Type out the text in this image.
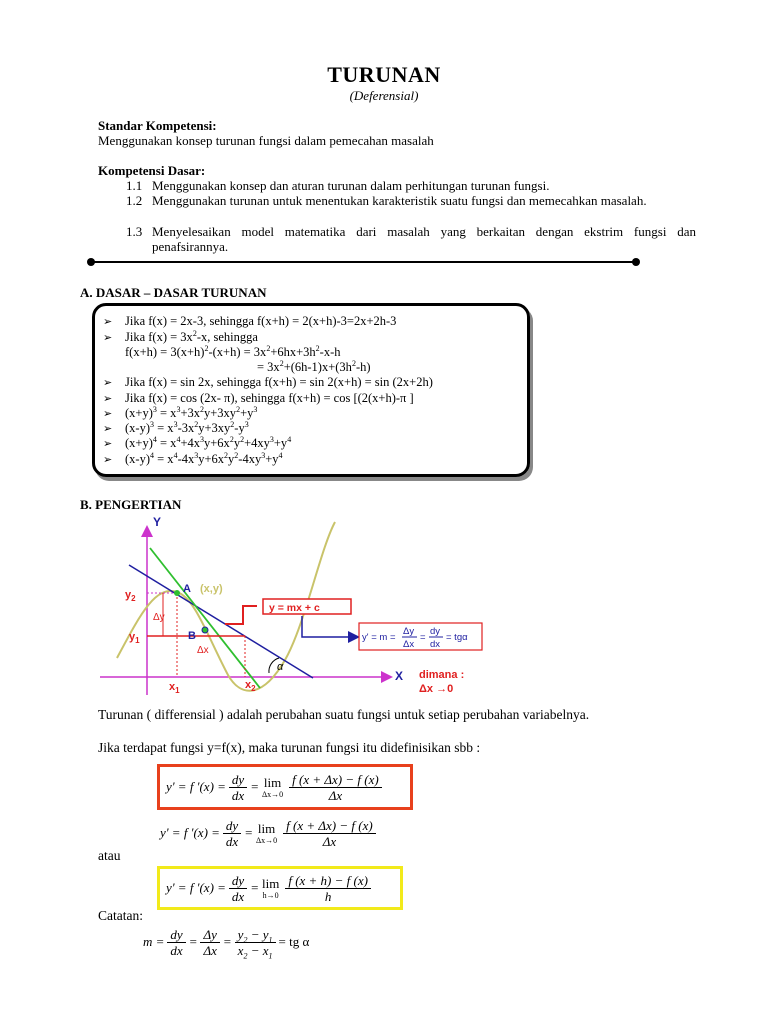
TURUNAN
(Deferensial)
Standar Kompetensi:
Menggunakan konsep turunan fungsi dalam pemecahan masalah
Kompetensi Dasar:
1.1 Menggunakan konsep dan aturan turunan dalam perhitungan turunan fungsi.
1.2 Menggunakan turunan untuk menentukan karakteristik suatu fungsi dan memecahkan masalah.
1.3 Menyelesaikan model matematika dari masalah yang berkaitan dengan ekstrim fungsi dan penafsirannya.
A. DASAR – DASAR TURUNAN
➢ Jika f(x) = 2x-3, sehingga f(x+h) = 2(x+h)-3=2x+2h-3
➢ Jika $f(x) = 3x^2-x$, sehingga
$f(x+h) = 3(x+h)^2-(x+h) = 3x^2+6hx+3h^2-x-h$
= $3x^2+(6h-1)x+(3h^2-h)$
➢ Jika f(x) = sin 2x, sehingga f(x+h) = sin 2(x+h) = sin (2x+2h)
➢ Jika f(x) = cos (2x- π), sehingga f(x+h) = cos [(2(x+h)-π ]
➢ $(x+y)^3 = x^3+3x^2y+3xy^2+y^3$
➢ $(x-y)^3 = x^3-3x^2y+3xy^2-y^3$
➢ $(x+y)^4 = x^4+4x^3y+6x^2y^2+4xy^3+y^4$
➢ $(x-y)^4 = x^4-4x^3y+6x^2y^2-4xy^3+y^4$
B. PENGERTIAN
Y
X
α
$y_2$
$y_1$
$x_1$	$x_2$
A (x,y)
B
Δy
Δx
y = mx + c
y' = m =
Δy
Δx
=
dy
dx
= tgα
dimana :
Δx →0
Turunan ( differensial ) adalah perubahan suatu fungsi untuk setiap perubahan variabelnya.
Jika terdapat fungsi y=f(x), maka turunan fungsi itu didefinisikan sbb :
y' = f '$(x) = \frac{dy}{dx} = \lim$
$\Delta x\to 0 \frac{f (x + \Delta x) - f (x)}{\Delta x}$
y' = f '$(x) = \frac{dy}{dx} = \lim$
$\Delta x\to 0 \frac{f (x + \Delta x) - f (x)}{\Delta x}$
atau
y' = f '$(x) = \frac{dy}{dx} = \lim$
$h\to 0 \frac{f (x + h) - f (x)}{h}$
Catatan:
$m = \frac{dy}{dx} = \frac{\Delta y}{\Delta x} = \frac{y_2 - y_1}{x_2 - x_1}$ = tg α
